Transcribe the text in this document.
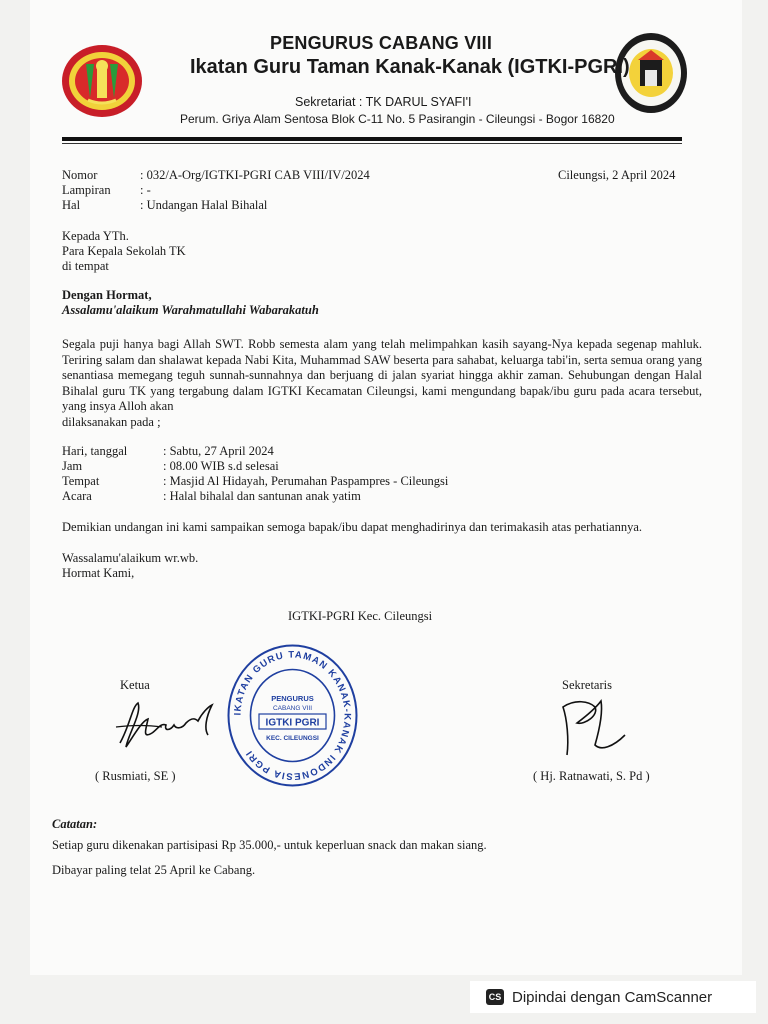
PENGURUS CABANG VIII
Ikatan Guru Taman Kanak-Kanak (IGTKI-PGRI)
Sekretariat : TK DARUL SYAFI'I
Perum. Griya Alam Sentosa Blok C-11 No. 5 Pasirangin - Cileungsi - Bogor 16820
Nomor	: 032/A-Org/IGTKI-PGRI CAB VIII/IV/2024	Cileungsi, 2 April 2024
Lampiran : -
Hal	: Undangan Halal Bihalal
Kepada YTh.
Para Kepala Sekolah TK
di tempat
Dengan Hormat,
Assalamu'alaikum Warahmatullahi Wabarakatuh
Segala puji hanya bagi Allah SWT. Robb semesta alam yang telah melimpahkan kasih sayang-Nya kepada segenap mahluk. Teriring salam dan shalawat kepada Nabi Kita, Muhammad SAW beserta para sahabat, keluarga tabi'in, serta semua orang yang senantiasa memegang teguh sunnah-sunnahnya dan berjuang di jalan syariat hingga akhir zaman. Sehubungan dengan Halal Bihalal guru TK yang tergabung dalam IGTKI Kecamatan Cileungsi, kami mengundang bapak/ibu guru pada acara tersebut, yang insya Alloh akan
dilaksanakan pada ;
Hari, tanggal	: Sabtu, 27 April 2024
Jam	: 08.00 WIB s.d selesai
Tempat	: Masjid Al Hidayah, Perumahan Paspampres - Cileungsi
Acara	: Halal bihalal dan santunan anak yatim
Demikian undangan ini kami sampaikan semoga bapak/ibu dapat menghadirinya dan terimakasih atas perhatiannya.
Wassalamu'alaikum wr.wb.
Hormat Kami,
IGTKI-PGRI Kec. Cileungsi
Ketua	Sekretaris
IKATAN GURU TAMAN KANAK-KANAK INDONESIA PGRI
PENGURUS
CABANG VIII
IGTKI PGRI
KEC. CILEUNGSI
( Rusmiati, SE )	( Hj. Ratnawati, S. Pd )
Catatan:
Setiap guru dikenakan partisipasi Rp 35.000,- untuk keperluan snack dan makan siang.
Dibayar paling telat 25 April ke Cabang.
CS Dipindai dengan CamScanner
